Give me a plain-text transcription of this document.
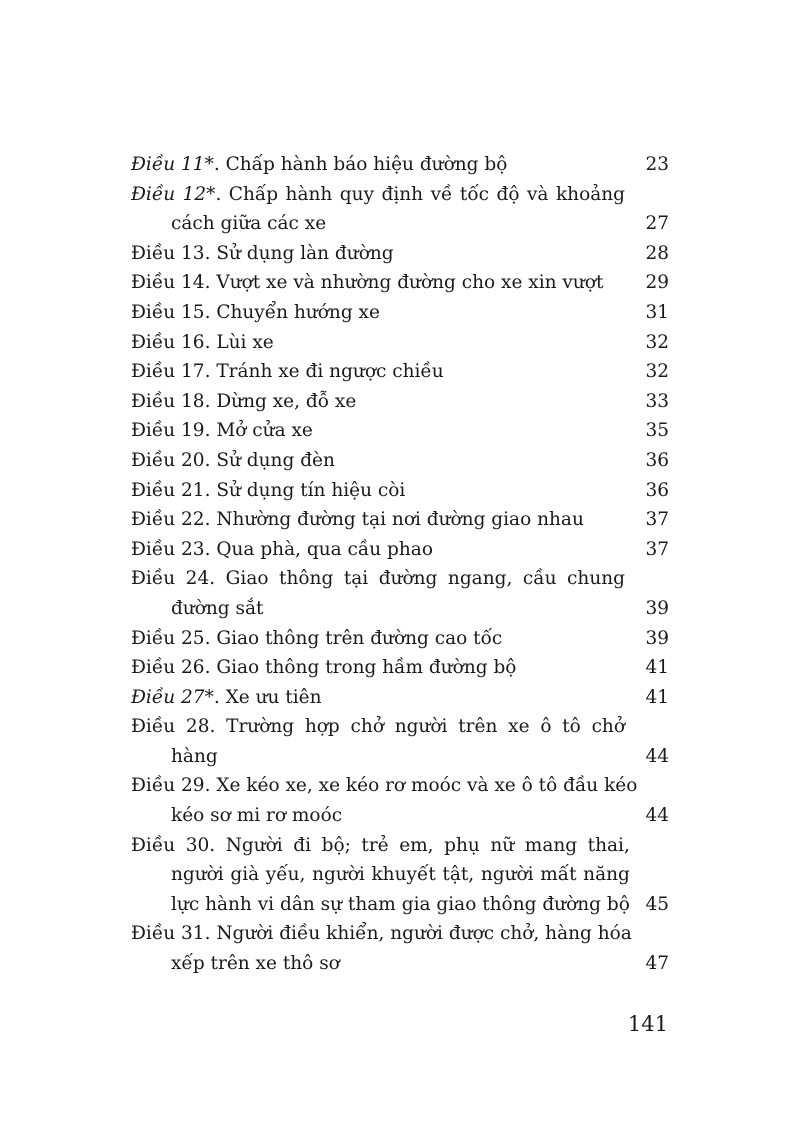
Điều 11*. Chấp hành báo hiệu đường bộ	23
Điều 12*. Chấp hành quy định về tốc độ và khoảng
cách giữa các xe	27
Điều 13. Sử dụng làn đường	28
Điều 14. Vượt xe và nhường đường cho xe xin vượt	29
Điều 15. Chuyển hướng xe	31
Điều 16. Lùi xe	32
Điều 17. Tránh xe đi ngược chiều	32
Điều 18. Dừng xe, đỗ xe	33
Điều 19. Mở cửa xe	35
Điều 20. Sử dụng đèn	36
Điều 21. Sử dụng tín hiệu còi	36
Điều 22. Nhường đường tại nơi đường giao nhau	37
Điều 23. Qua phà, qua cầu phao	37
Điều 24. Giao thông tại đường ngang, cầu chung
đường sắt	39
Điều 25. Giao thông trên đường cao tốc	39
Điều 26. Giao thông trong hầm đường bộ	41
Điều 27*. Xe ưu tiên	41
Điều 28. Trường hợp chở người trên xe ô tô chở
hàng	44
Điều 29. Xe kéo xe, xe kéo rơ moóc và xe ô tô đầu kéo
kéo sơ mi rơ moóc	44
Điều 30. Người đi bộ; trẻ em, phụ nữ mang thai,
người già yếu, người khuyết tật, người mất năng
lực hành vi dân sự tham gia giao thông đường bộ 45
Điều 31. Người điều khiển, người được chở, hàng hóa
xếp trên xe thô sơ	47
141
